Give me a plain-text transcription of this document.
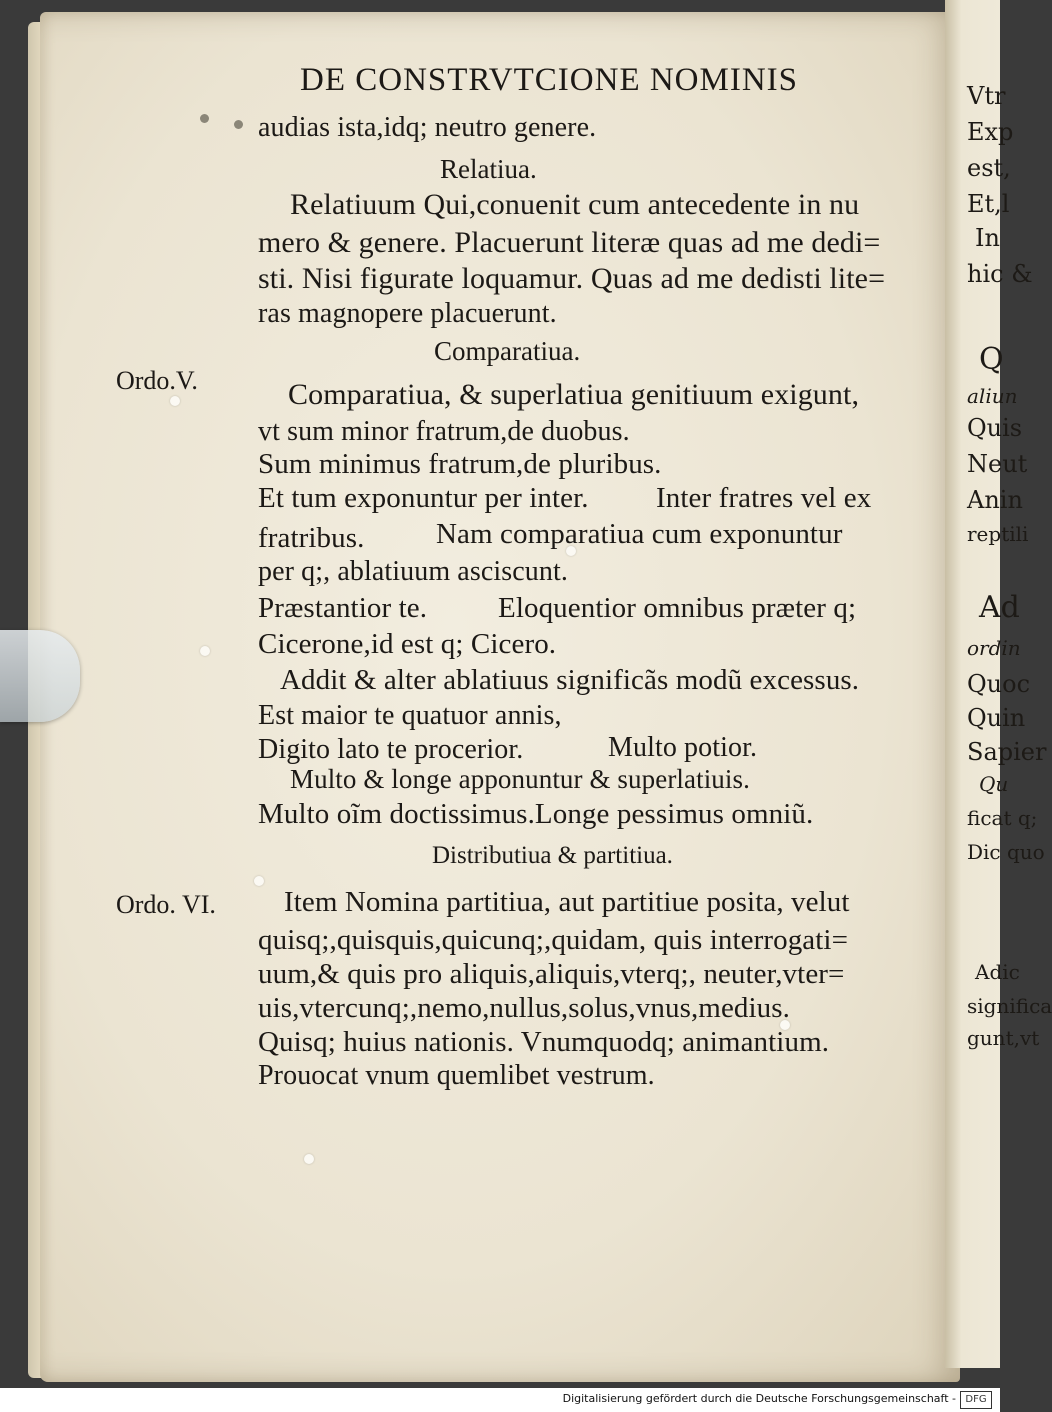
Vtr
Exp
est,
Et,l
In
hic &
Q
aliun
Quis
Neut
Anin
reptili
Ad
ordin
Quoc
Quin
Sapier
Qu
ficat q;
Dic quo
Adic
significa
gunt,vt
DE CONSTRVTCIONE NOMINIS
audias ista,idq; neutro genere.
Relatiua.
Relatiuum Qui,conuenit cum antecedente in nu
mero & genere. Placuerunt literæ quas ad me dedi=
sti. Nisi figurate loquamur. Quas ad me dedisti lite=
ras magnopere placuerunt.
Comparatiua.
Ordo.V.	Comparatiua, & superlatiua genitiuum exigunt,
vt sum minor fratrum,de duobus.
Sum minimus fratrum,de pluribus.
Et tum exponuntur per inter. Inter fratres vel ex
fratribus. Nam comparatiua cum exponuntur
per q;, ablatiuum asciscunt.
Præstantior te. Eloquentior omnibus præter q;
Cicerone,id est q; Cicero.
Addit & alter ablatiuus significãs modũ excessus.
Est maior te quatuor annis,
Digito lato te procerior.	Multo potior.
Multo & longe apponuntur & superlatiuis.
Multo oĩm doctissimus.Longe pessimus omniũ.
Distributiua & partitiua.
Ordo. VI. Item Nomina partitiua, aut partitiue posita, velut
quisq;,quisquis,quicunq;,quidam, quis interrogati=
uum,& quis pro aliquis,aliquis,vterq;, neuter,vter=
uis,vtercunq;,nemo,nullus,solus,vnus,medius.
Quisq; huius nationis. Vnumquodq; animantium.
Prouocat vnum quemlibet vestrum.
Digitalisierung gefördert durch die Deutsche Forschungsgemeinschaft - DFG
